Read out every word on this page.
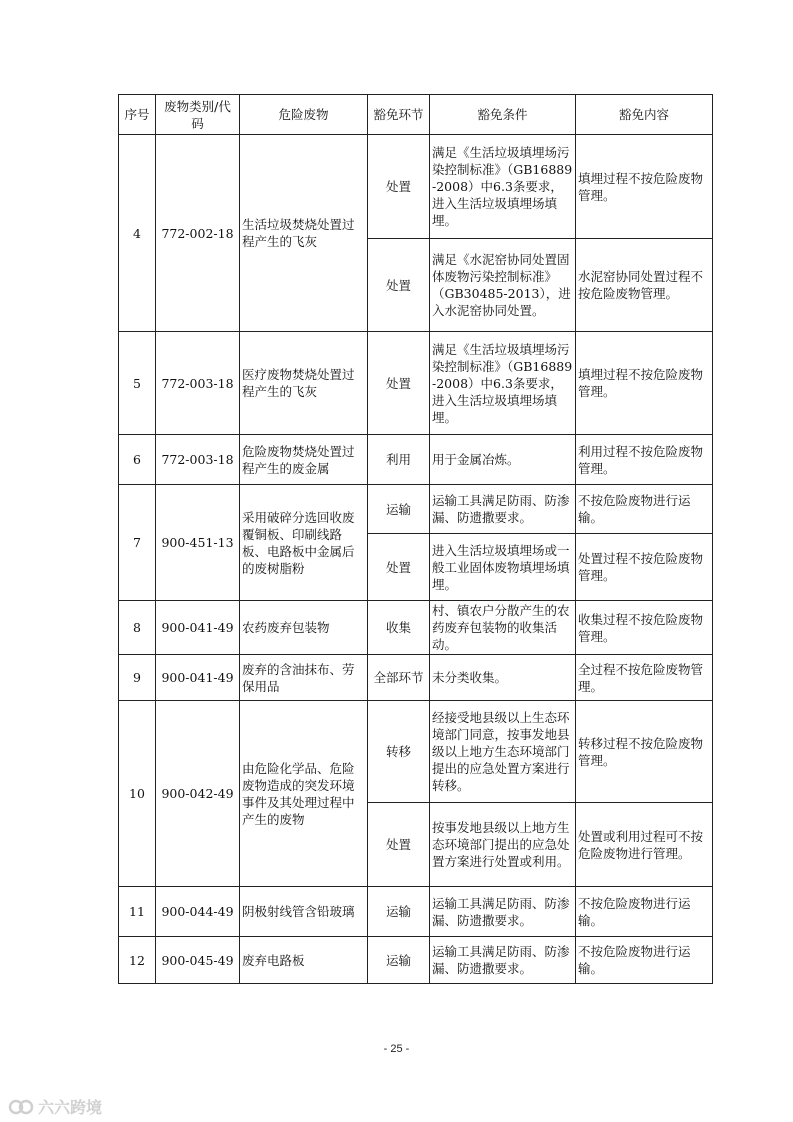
序号	废物类别/代码	危险废物	豁免环节	豁免条件	豁免内容
4	772-002-18	生活垃圾焚烧处置过程产生的飞灰	处置	满足《生活垃圾填埋场污染控制标准》（GB16889-2008）中6.3条要求，进入生活垃圾填埋场填埋。	填埋过程不按危险废物管理。
			处置	满足《水泥窑协同处置固体废物污染控制标准》（GB30485-2013），进入水泥窑协同处置。	水泥窑协同处置过程不按危险废物管理。
5	772-003-18	医疗废物焚烧处置过程产生的飞灰	处置	满足《生活垃圾填埋场污染控制标准》（GB16889-2008）中6.3条要求，进入生活垃圾填埋场填埋。	填埋过程不按危险废物管理。
6	772-003-18	危险废物焚烧处置过程产生的废金属	利用	用于金属冶炼。	利用过程不按危险废物管理。
7	900-451-13	采用破碎分选回收废覆铜板、印刷线路板、电路板中金属后的废树脂粉	运输	运输工具满足防雨、防渗漏、防遗撒要求。	不按危险废物进行运输。
			处置	进入生活垃圾填埋场或一般工业固体废物填埋场填埋。	处置过程不按危险废物管理。
8	900-041-49	农药废弃包装物	收集	村、镇农户分散产生的农药废弃包装物的收集活动。	收集过程不按危险废物管理。
9	900-041-49	废弃的含油抹布、劳保用品	全部环节	未分类收集。	全过程不按危险废物管理。
10	900-042-49	由危险化学品、危险废物造成的突发环境事件及其处理过程中产生的废物	转移	经接受地县级以上生态环境部门同意，按事发地县级以上地方生态环境部门提出的应急处置方案进行转移。	转移过程不按危险废物管理。
			处置	按事发地县级以上地方生态环境部门提出的应急处置方案进行处置或利用。	处置或利用过程可不按危险废物进行管理。
11	900-044-49	阴极射线管含铅玻璃	运输	运输工具满足防雨、防渗漏、防遗撒要求。	不按危险废物进行运输。
12	900-045-49	废弃电路板	运输	运输工具满足防雨、防渗漏、防遗撒要求。	不按危险废物进行运输。
- 25 -
六六跨境
